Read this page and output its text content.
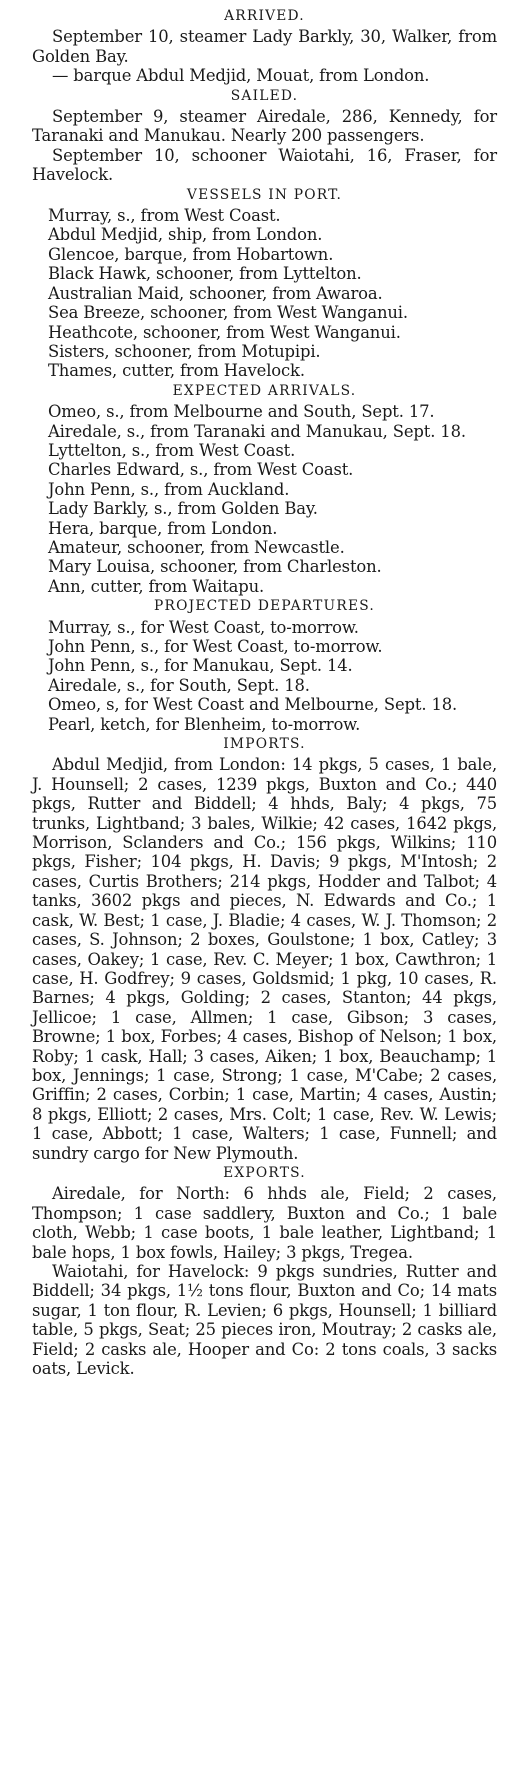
ARRIVED.

September 10, steamer Lady Barkly, 30, Walker, from Golden Bay.

— barque Abdul Medjid, Mouat, from London.

SAILED.

September 9, steamer Airedale, 286, Kennedy, for Taranaki and Manukau. Nearly 200 passengers.

September 10, schooner Waiotahi, 16, Fraser, for Havelock.

VESSELS IN PORT.
Murray, s., from West Coast.
Abdul Medjid, ship, from London.
Glencoe, barque, from Hobartown.
Black Hawk, schooner, from Lyttelton.
Australian Maid, schooner, from Awaroa.
Sea Breeze, schooner, from West Wanganui.
Heathcote, schooner, from West Wanganui.
Sisters, schooner, from Motupipi.
Thames, cutter, from Havelock.
EXPECTED ARRIVALS.
Omeo, s., from Melbourne and South, Sept. 17.
Airedale, s., from Taranaki and Manukau, Sept. 18.
Lyttelton, s., from West Coast.
Charles Edward, s., from West Coast.
John Penn, s., from Auckland.
Lady Barkly, s., from Golden Bay.
Hera, barque, from London.
Amateur, schooner, from Newcastle.
Mary Louisa, schooner, from Charleston.
Ann, cutter, from Waitapu.
PROJECTED DEPARTURES.
Murray, s., for West Coast, to-morrow.
John Penn, s., for West Coast, to-morrow.
John Penn, s., for Manukau, Sept. 14.
Airedale, s., for South, Sept. 18.
Omeo, s, for West Coast and Melbourne, Sept. 18.
Pearl, ketch, for Blenheim, to-morrow.
IMPORTS.

Abdul Medjid, from London: 14 pkgs, 5 cases, 1 bale, J. Hounsell; 2 cases, 1239 pkgs, Buxton and Co.; 440 pkgs, Rutter and Biddell; 4 hhds, Baly; 4 pkgs, 75 trunks, Lightband; 3 bales, Wilkie; 42 cases, 1642 pkgs, Morrison, Sclanders and Co.; 156 pkgs, Wilkins; 110 pkgs, Fisher; 104 pkgs, H. Davis; 9 pkgs, M'Intosh; 2 cases, Curtis Brothers; 214 pkgs, Hodder and Talbot; 4 tanks, 3602 pkgs and pieces, N. Edwards and Co.; 1 cask, W. Best; 1 case, J. Bladie; 4 cases, W. J. Thomson; 2 cases, S. Johnson; 2 boxes, Goulstone; 1 box, Catley; 3 cases, Oakey; 1 case, Rev. C. Meyer; 1 box, Cawthron; 1 case, H. Godfrey; 9 cases, Goldsmid; 1 pkg, 10 cases, R. Barnes; 4 pkgs, Golding; 2 cases, Stanton; 44 pkgs, Jellicoe; 1 case, Allmen; 1 case, Gibson; 3 cases, Browne; 1 box, Forbes; 4 cases, Bishop of Nelson; 1 box, Roby; 1 cask, Hall; 3 cases, Aiken; 1 box, Beauchamp; 1 box, Jennings; 1 case, Strong; 1 case, M'Cabe; 2 cases, Griffin; 2 cases, Corbin; 1 case, Martin; 4 cases, Austin; 8 pkgs, Elliott; 2 cases, Mrs. Colt; 1 case, Rev. W. Lewis; 1 case, Abbott; 1 case, Walters; 1 case, Funnell; and sundry cargo for New Plymouth.

EXPORTS.

Airedale, for North: 6 hhds ale, Field; 2 cases, Thompson; 1 case saddlery, Buxton and Co.; 1 bale cloth, Webb; 1 case boots, 1 bale leather, Lightband; 1 bale hops, 1 box fowls, Hailey; 3 pkgs, Tregea.

Waiotahi, for Havelock: 9 pkgs sundries, Rutter and Biddell; 34 pkgs, 1½ tons flour, Buxton and Co; 14 mats sugar, 1 ton flour, R. Levien; 6 pkgs, Hounsell; 1 billiard table, 5 pkgs, Seat; 25 pieces iron, Moutray; 2 casks ale, Field; 2 casks ale, Hooper and Co: 2 tons coals, 3 sacks oats, Levick.
